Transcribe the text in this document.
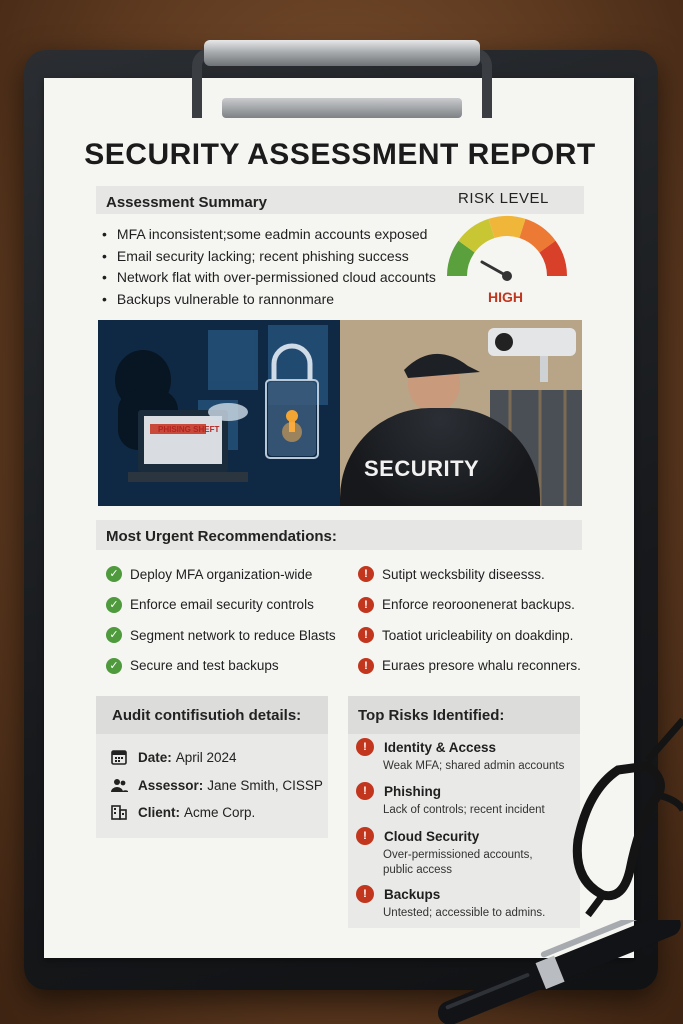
SECURITY ASSESSMENT REPORT
Assessment Summary	RISK LEVEL
• MFA inconsistent;some eadmin accounts exposed
• Email security lacking; recent phishing success
• Network flat with over-permissioned cloud accounts
• Backups vulnerable to rannonmare	HIGH
PHISING SHEFT
SECURITY
Most Urgent Recommendations:
✓ Deploy MFA organization-wide
✓ Enforce email security controls
✓ Segment network to reduce Blasts
✓ Secure and test backups
!	Sutipt wecksbility diseesss.
!	Enforce reoroonenerat backups.
!	Toatiot uricleability on doakdinp.
!	Euraes presore whalu reconners.
Audit contifisutioh details:
Date: April 2024
Assessor: Jane Smith, CISSP
Client: Acme Corp.
Top Risks Identified:
!	Identity & Access
Weak MFA; shared admin accounts
!	Phishing
Lack of controls; recent incident
!	Cloud Security
Over-permissioned accounts, public access
!	Backups
Untested; accessible to admins.
